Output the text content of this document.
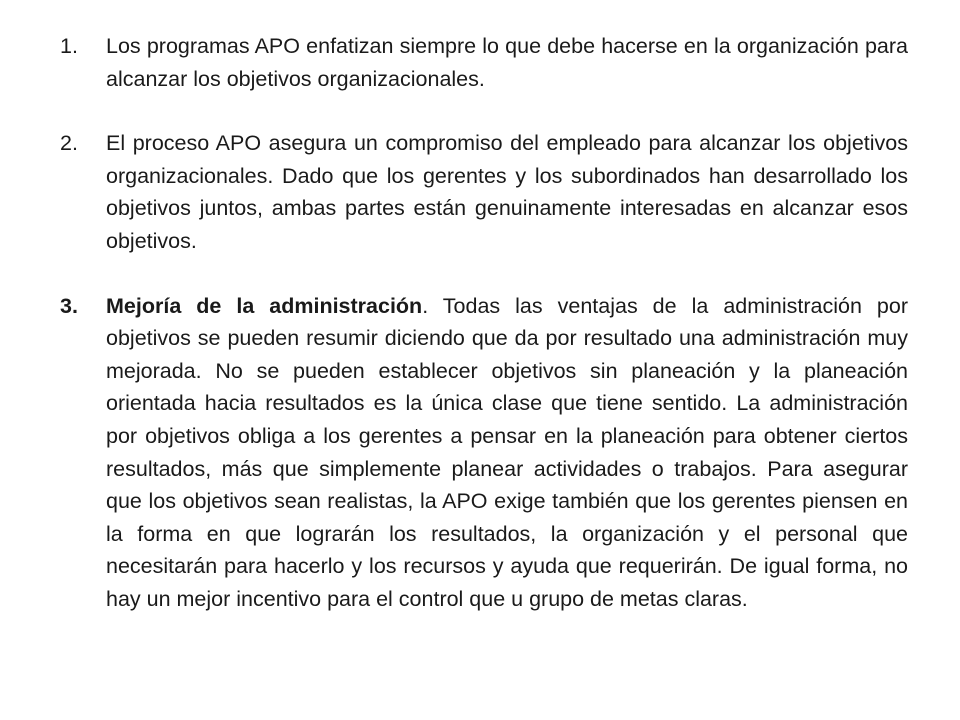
1.	Los programas APO enfatizan siempre lo que debe hacerse en la organización para alcanzar los objetivos organizacionales.
2.	El proceso APO asegura un compromiso del empleado para alcanzar los objetivos organizacionales. Dado que los gerentes y los subordinados han desarrollado los objetivos juntos, ambas partes están genuinamente interesadas en alcanzar esos objetivos.
3.	Mejoría de la administración. Todas las ventajas de la administración por objetivos se pueden resumir diciendo que da por resultado una administración muy mejorada. No se pueden establecer objetivos sin planeación y la planeación orientada hacia resultados es la única clase que tiene sentido. La administración por objetivos obliga a los gerentes a pensar en la planeación para obtener ciertos resultados, más que simplemente planear actividades o trabajos. Para asegurar que los objetivos sean realistas, la APO exige también que los gerentes piensen en la forma en que lograrán los resultados, la organización y el personal que necesitarán para hacerlo y los recursos y ayuda que requerirán. De igual forma, no hay un mejor incentivo para el control que u grupo de metas claras.
